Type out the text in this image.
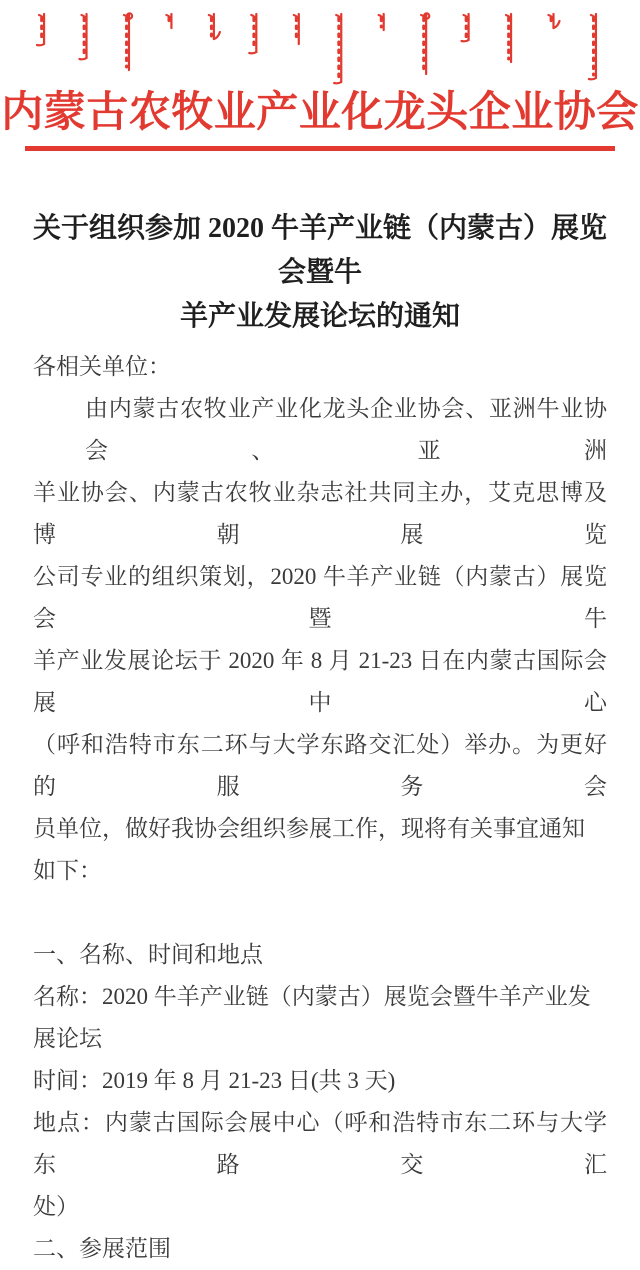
内蒙古农牧业产业化龙头企业协会
关于组织参加 2020 牛羊产业链（内蒙古）展览会暨牛
羊产业发展论坛的通知
各相关单位：
由内蒙古农牧业产业化龙头企业协会、亚洲牛业协会、亚洲
羊业协会、内蒙古农牧业杂志社共同主办，艾克思博及博朝展览
公司专业的组织策划，2020 牛羊产业链（内蒙古）展览会暨牛
羊产业发展论坛于 2020 年 8 月 21-23 日在内蒙古国际会展中心
（呼和浩特市东二环与大学东路交汇处）举办。为更好的服务会
员单位，做好我协会组织参展工作，现将有关事宜通知如下：
一、名称、时间和地点
名称：2020 牛羊产业链（内蒙古）展览会暨牛羊产业发展论坛
时间：2019 年 8 月 21-23 日(共 3 天)
地点：内蒙古国际会展中心（呼和浩特市东二环与大学东路交汇
处）
二、参展范围
